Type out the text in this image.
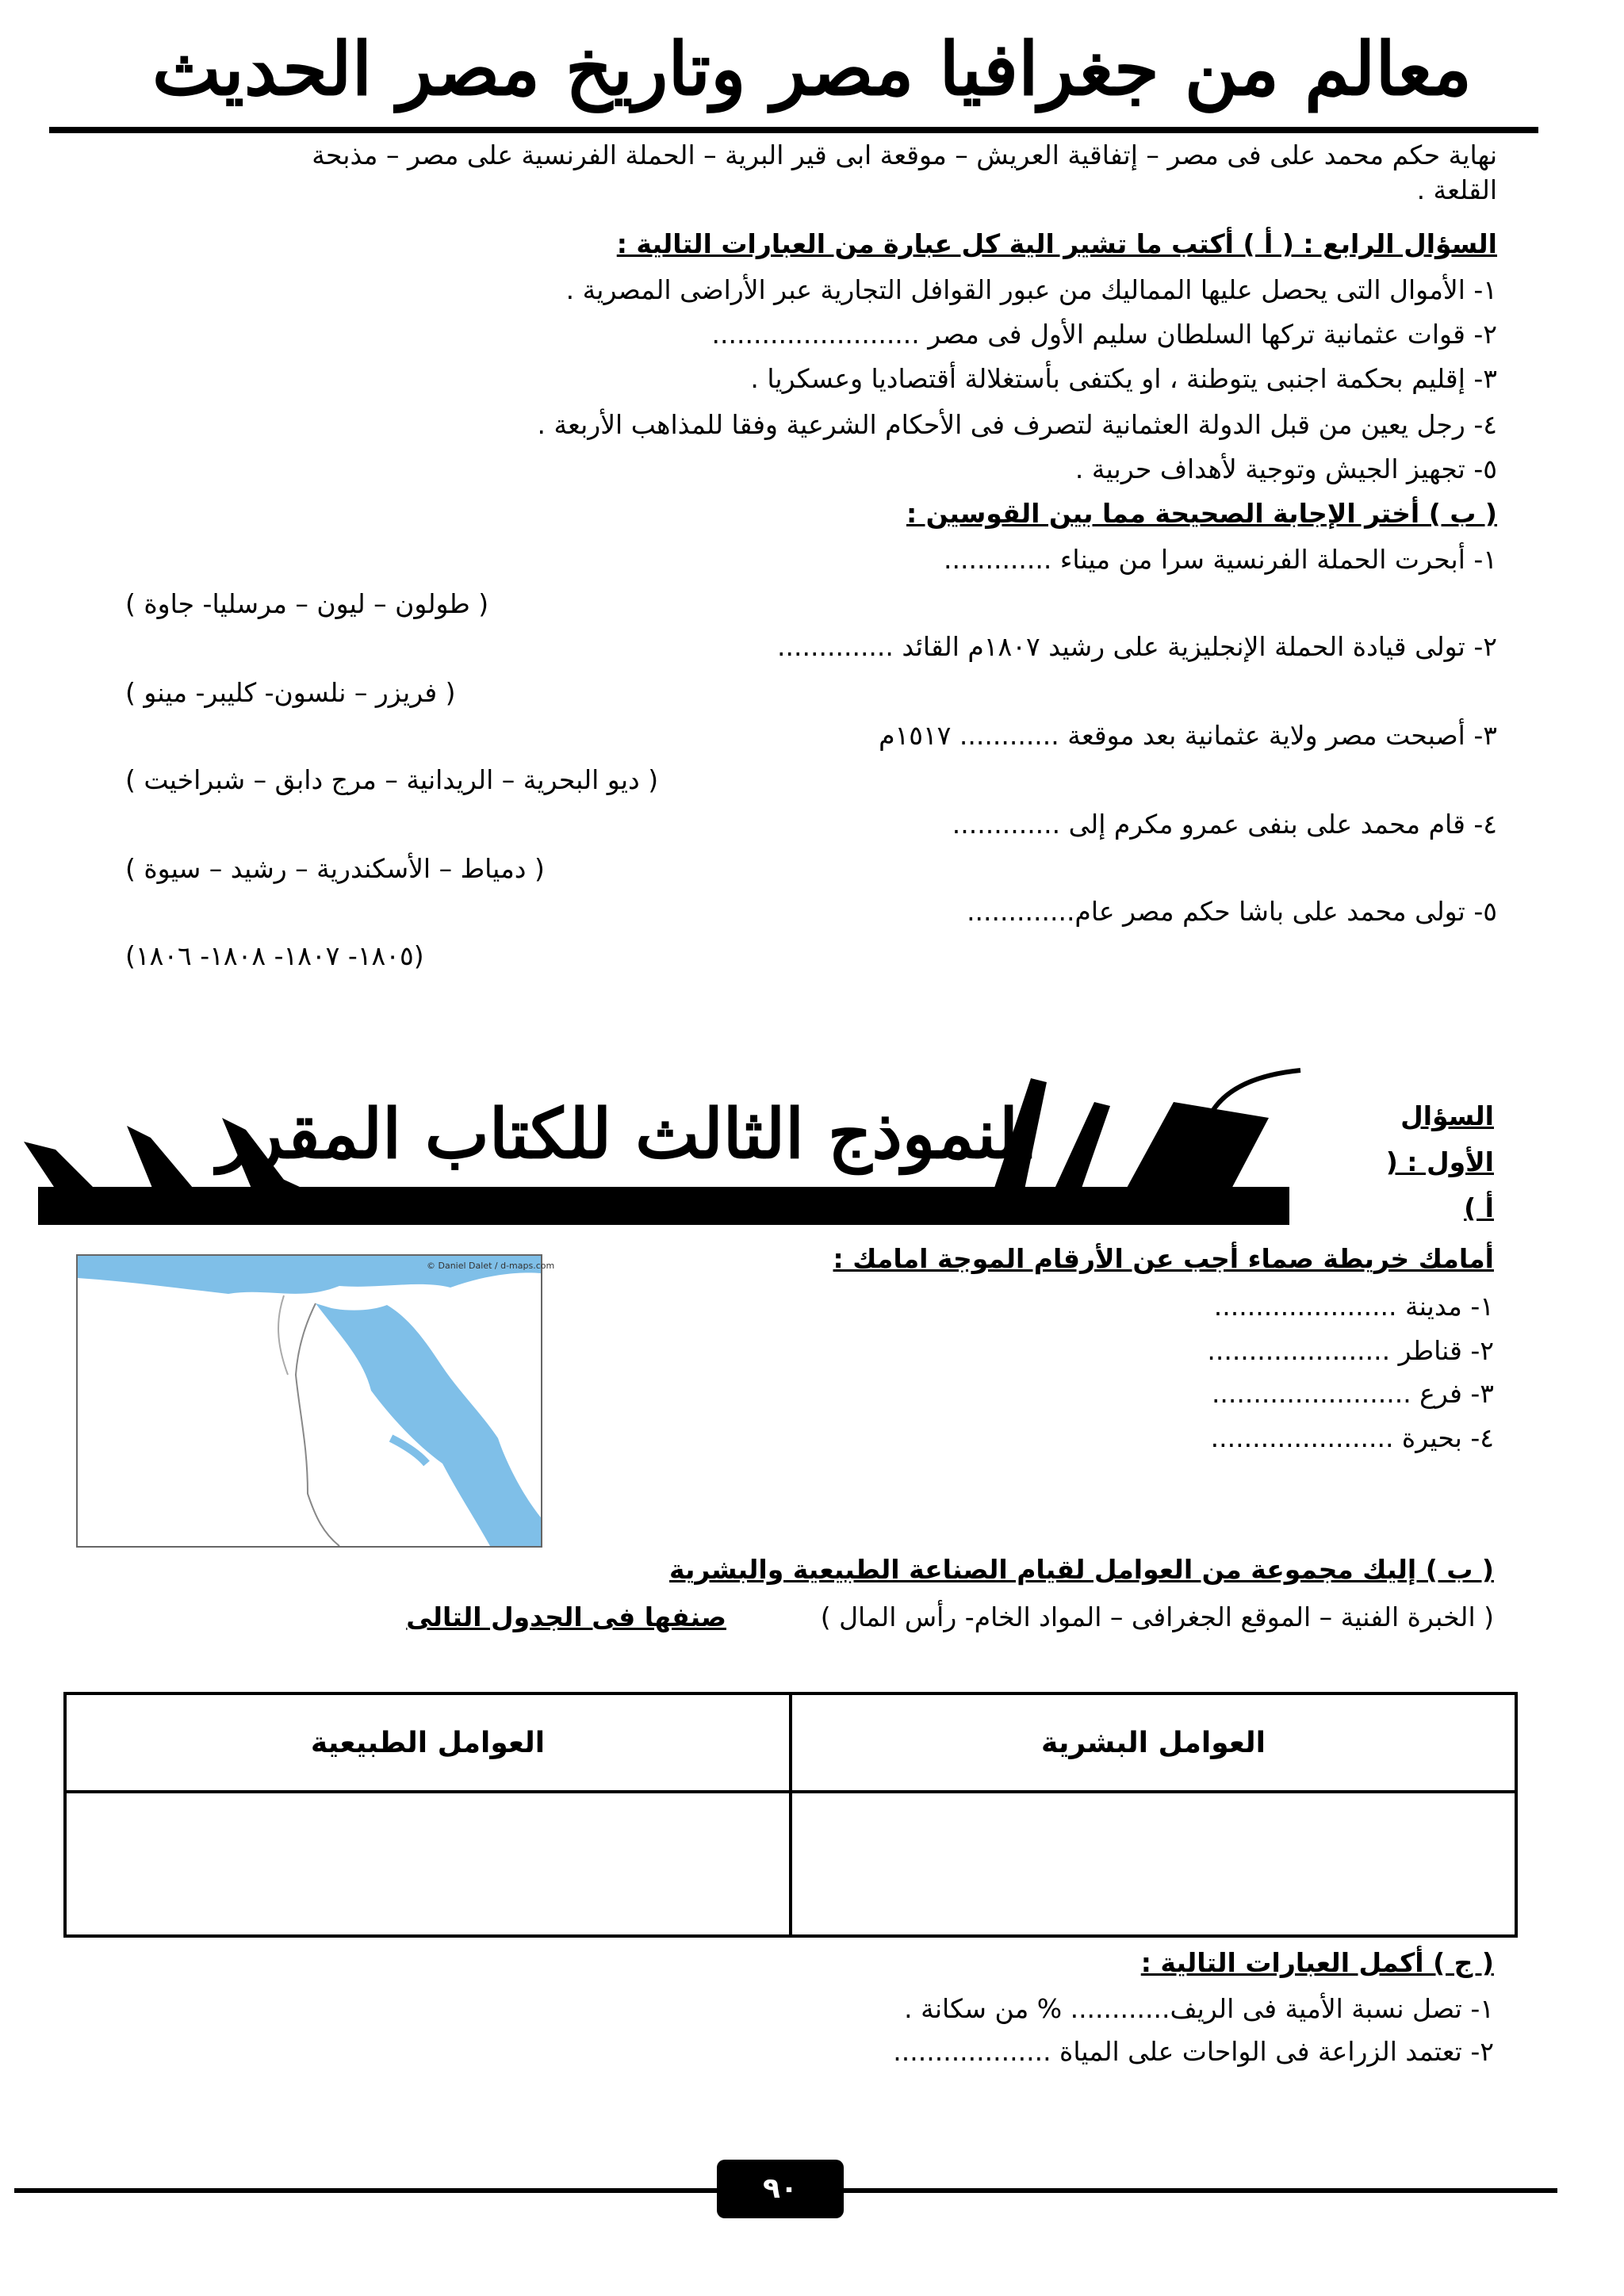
معالم من جغرافيا مصر وتاريخ مصر الحديث
نهاية حكم محمد على فى مصر – إتفاقية العريش – موقعة ابى قير البرية – الحملة الفرنسية على مصر – مذبحة
القلعة .
السؤال الرابع : ( أ ) أكتب ما تشير الية كل عبارة من العبارات التالية :
١- الأموال التى يحصل عليها المماليك من عبور القوافل التجارية عبر الأراضى المصرية .
٢- قوات عثمانية تركها السلطان سليم الأول فى مصر .........................
٣- إقليم بحكمة اجنبى يتوطنة ، او يكتفى بأستغلالة أقتصاديا وعسكريا .
٤- رجل يعين من قبل الدولة العثمانية لتصرف فى الأحكام الشرعية وفقا للمذاهب الأربعة .
٥- تجهيز الجيش وتوجية لأهداف حربية .
( ب ) أختر الإجابة الصحيحة مما بين القوسين :
١- أبحرت الحملة الفرنسية سرا من ميناء .............
( طولون – ليون – مرسليا- جاوة )
٢- تولى قيادة الحملة الإنجليزية على رشيد ١٨٠٧م القائد ..............
( فريزر – نلسون- كليبر- مينو )
٣- أصبحت مصر ولاية عثمانية بعد موقعة ............ ١٥١٧م
( ديو البحرية – الريدانية – مرج دابق – شبراخيت )
٤- قام محمد على بنفى عمرو مكرم إلى .............
( دمياط – الأسكندرية – رشيد – سيوة )
٥- تولى محمد على باشا حكم مصر عام.............
(١٨٠٥- ١٨٠٧- ١٨٠٨- ١٨٠٦)
النموذج الثالث للكتاب المقرر	السؤال
الأول : (
أ )
أمامك خريطة صماء أجب عن الأرقام الموجة امامك :
© Daniel Dalet / d-maps.com
١- مدينة ......................
٢- قناطر ......................
٣- فرع ........................
٤- بحيرة ......................
( ب ) إليك مجموعة من العوامل لقيام الصناعة الطبيعية والبشرية
( الخبرة الفنية – الموقع الجغرافى – المواد الخام- رأس المال )
صنفها فى الجدول التالى
العوامل الطبيعية	العوامل البشرية

( ج ) أكمل العبارات التالية :
١- تصل نسبة الأمية فى الريف............ % من سكانة .
٢- تعتمد الزراعة فى الواحات على المياة ...................
٩٠
